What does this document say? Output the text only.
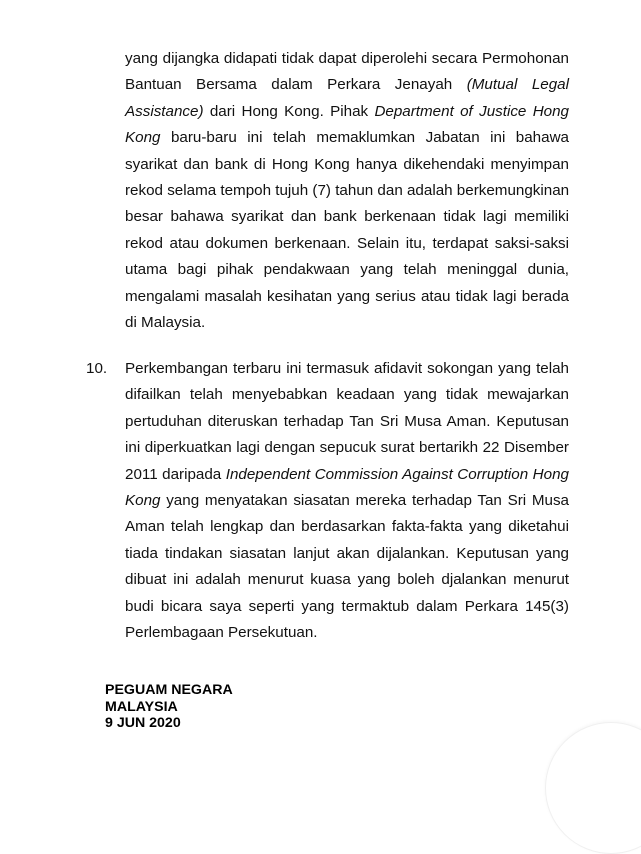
yang dijangka didapati tidak dapat diperolehi secara Permohonan
Bantuan Bersama dalam Perkara Jenayah (Mutual Legal
Assistance) dari Hong Kong. Pihak Department of Justice Hong
Kong baru-baru ini telah memaklumkan Jabatan ini bahawa
syarikat dan bank di Hong Kong hanya dikehendaki menyimpan
rekod selama tempoh tujuh (7) tahun dan adalah berkemungkinan
besar bahawa syarikat dan bank berkenaan tidak lagi memiliki
rekod atau dokumen berkenaan. Selain itu, terdapat saksi-saksi
utama bagi pihak pendakwaan yang telah meninggal dunia,
mengalami masalah kesihatan yang serius atau tidak lagi berada
di Malaysia.
10. Perkembangan terbaru ini termasuk afidavit sokongan yang telah
difailkan telah menyebabkan keadaan yang tidak mewajarkan
pertuduhan diteruskan terhadap Tan Sri Musa Aman. Keputusan
ini diperkuatkan lagi dengan sepucuk surat bertarikh 22 Disember
2011 daripada Independent Commission Against Corruption Hong
Kong yang menyatakan siasatan mereka terhadap Tan Sri Musa
Aman telah lengkap dan berdasarkan fakta-fakta yang diketahui
tiada tindakan siasatan lanjut akan dijalankan. Keputusan yang
dibuat ini adalah menurut kuasa yang boleh djalankan menurut
budi bicara saya seperti yang termaktub dalam Perkara 145(3)
Perlembagaan Persekutuan.
PEGUAM NEGARA
MALAYSIA
9 JUN 2020
